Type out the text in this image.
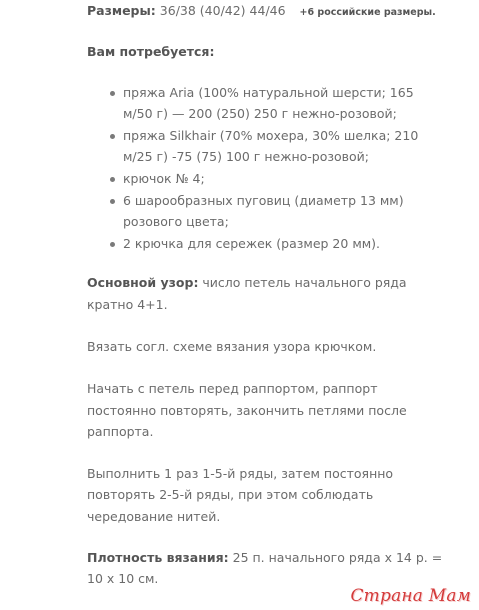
Размеры: 36/38 (40/42) 44/46 +6 российские размеры.
Вам потребуется:
пряжа Aria (100% натуральной шерсти; 165
м/50 г) — 200 (250) 250 г нежно-розовой;
пряжа Silkhair (70% мохера, 30% шелка; 210
м/25 г) -75 (75) 100 г нежно-розовой;
крючок № 4;
6 шарообразных пуговиц (диаметр 13 мм)
розового цвета;
2 крючка для сережек (размер 20 мм).
Основной узор: число петель начального ряда
кратно 4+1.
Вязать согл. схеме вязания узора крючком.
Начать с петель перед раппортом, раппорт
постоянно повторять, закончить петлями после
раппорта.
Выполнить 1 раз 1-5-й ряды, затем постоянно
повторять 2-5-й ряды, при этом соблюдать
чередование нитей.
Плотность вязания: 25 п. начального ряда х 14 р. =
10 х 10 см.
Страна Мам
